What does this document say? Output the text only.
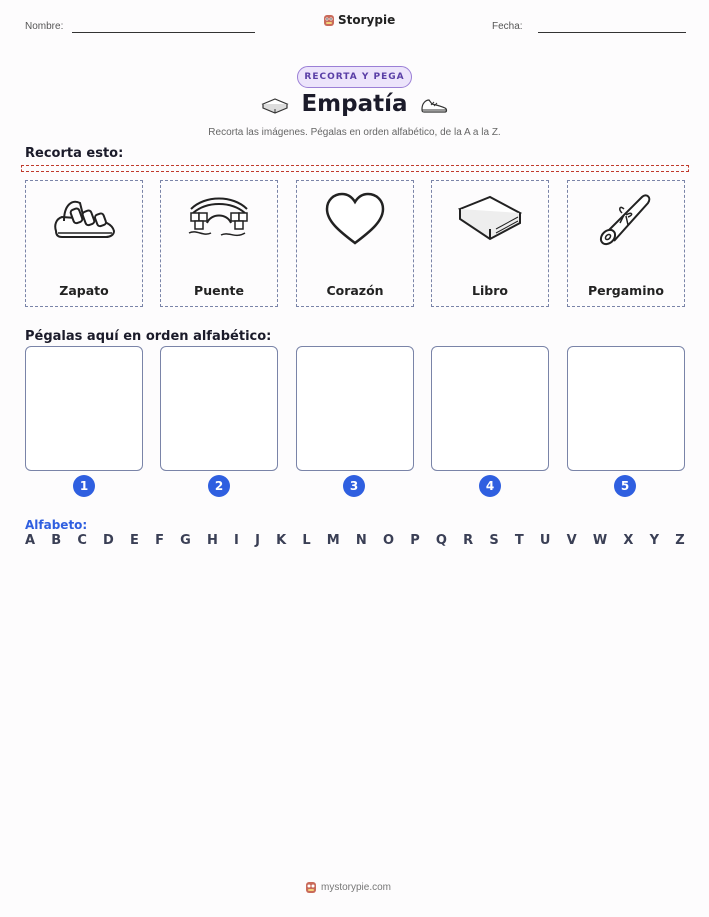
Nombre:	Storypie	Fecha:
RECORTA Y PEGA
Empatía
Recorta las imágenes. Pégalas en orden alfabético, de la A a la Z.
Recorta esto:
Zapato	Puente	Corazón	Libro	Pergamino
Pégalas aquí en orden alfabético:
1	2	3	4	5
Alfabeto:
A B C D E F G H I J K L M N O P Q R S T U V W X Y Z
mystorypie.com
